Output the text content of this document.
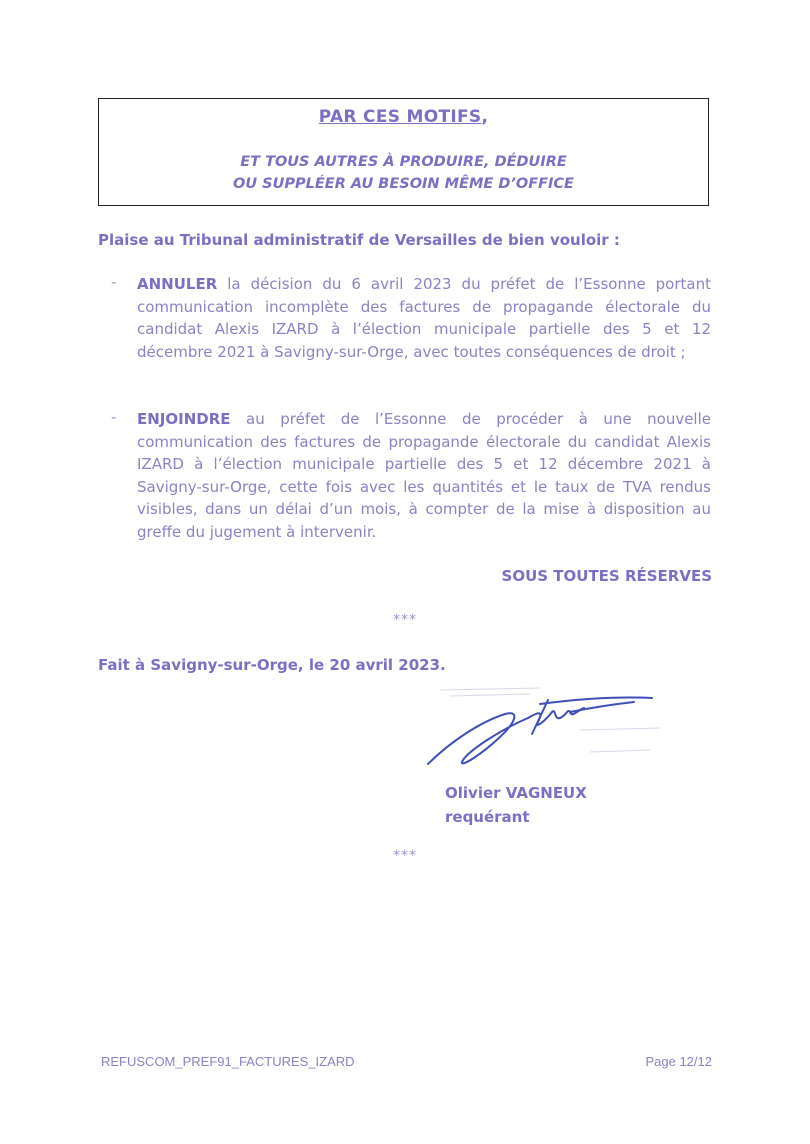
PAR CES MOTIFS,
ET TOUS AUTRES À PRODUIRE, DÉDUIRE
OU SUPPLÉER AU BESOIN MÊME D’OFFICE
Plaise au Tribunal administratif de Versailles de bien vouloir :
- ANNULER la décision du 6 avril 2023 du préfet de l’Essonne portant communication incomplète des factures de propagande électorale du candidat Alexis IZARD à l’élection municipale partielle des 5 et 12 décembre 2021 à Savigny-sur-Orge, avec toutes conséquences de droit ;
- ENJOINDRE au préfet de l’Essonne de procéder à une nouvelle communication des factures de propagande électorale du candidat Alexis IZARD à l’élection municipale partielle des 5 et 12 décembre 2021 à Savigny-sur-Orge, cette fois avec les quantités et le taux de TVA rendus visibles, dans un délai d’un mois, à compter de la mise à disposition au greffe du jugement à intervenir.
SOUS TOUTES RÉSERVES
***
Fait à Savigny-sur-Orge, le 20 avril 2023.
Olivier VAGNEUX
requérant
***
REFUSCOM_PREF91_FACTURES_IZARD	Page 12/12
